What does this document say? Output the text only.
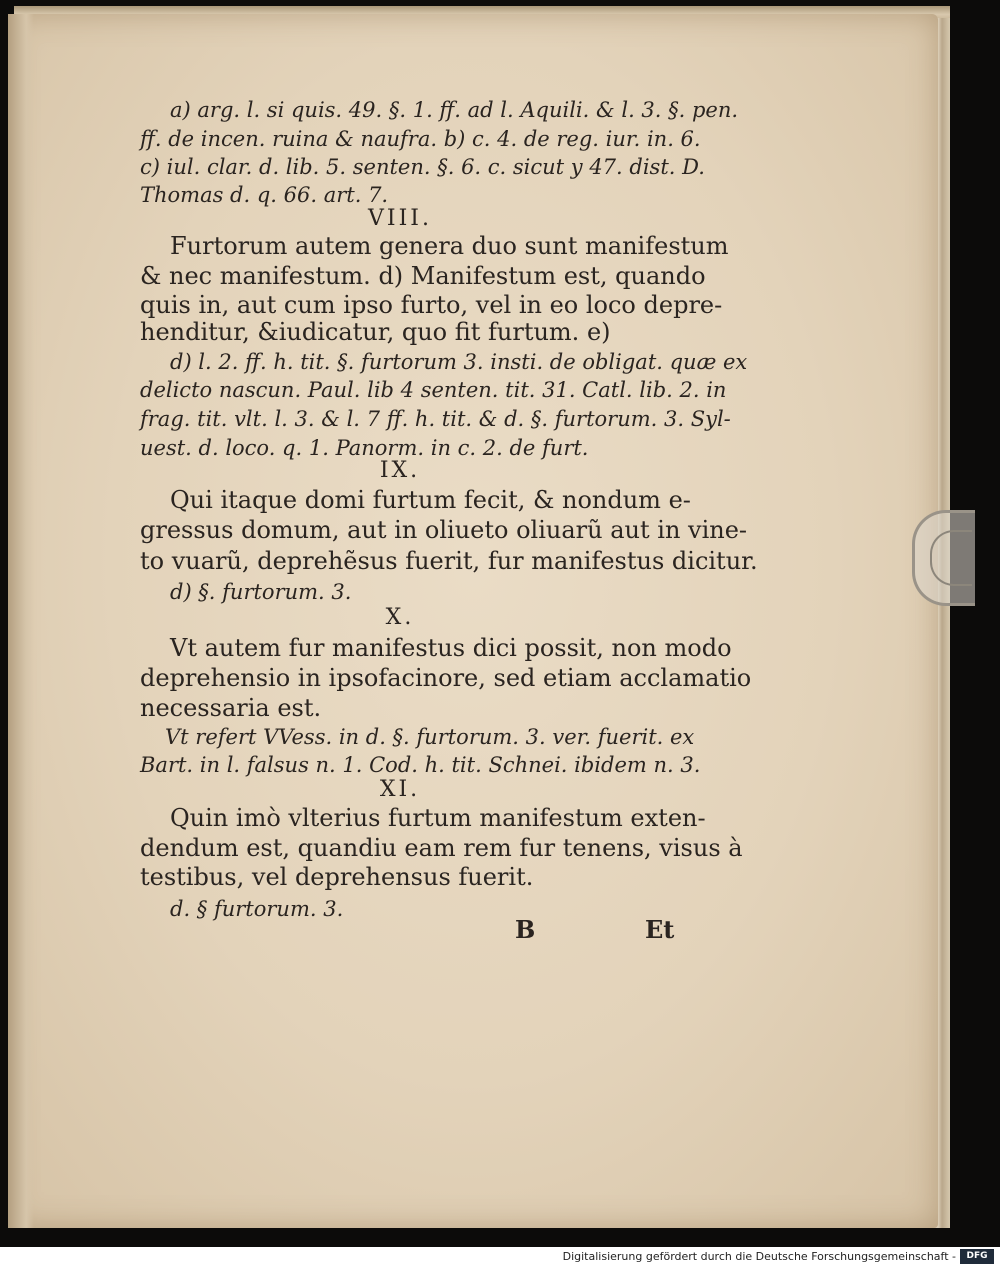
a) arg. l. si quis. 49. §. 1. ff. ad l. Aquili. & l. 3. §. pen.
ff. de incen. ruina & naufra. b) c. 4. de reg. iur. in. 6.
c) iul. clar. d. lib. 5. senten. §. 6. c. sicut y 47. dist. D.
Thomas d. q. 66. art. 7.
VIII.
Furtorum autem genera duo sunt manifestum
& nec manifestum. d) Manifestum est, quando
quis in, aut cum ipso furto, vel in eo loco depre-
henditur, &iudicatur, quo fit furtum. e)
d) l. 2. ff. h. tit. §. furtorum 3. insti. de obligat. quæ ex
delicto nascun. Paul. lib 4 senten. tit. 31. Catl. lib. 2. in
frag. tit. vlt. l. 3. & l. 7 ff. h. tit. & d. §. furtorum. 3. Syl-
uest. d. loco. q. 1. Panorm. in c. 2. de furt.
IX.
Qui itaque domi furtum fecit, & nondum e-
gressus domum, aut in oliueto oliuarũ aut in vine-
to vuarũ, deprehẽsus fuerit, fur manifestus dicitur.
d) §. furtorum. 3.
X.
Vt autem fur manifestus dici possit, non modo
deprehensio in ipsofacinore, sed etiam acclamatio
necessaria est.
Vt refert VVess. in d. §. furtorum. 3. ver. fuerit. ex
Bart. in l. falsus n. 1. Cod. h. tit. Schnei. ibidem n. 3.
XI.
Quin imò vlterius furtum manifestum exten-
dendum est, quandiu eam rem fur tenens, visus à
testibus, vel deprehensus fuerit.
d. § furtorum. 3.
B	Et
Digitalisierung gefördert durch die Deutsche Forschungsgemeinschaft -	DFG
